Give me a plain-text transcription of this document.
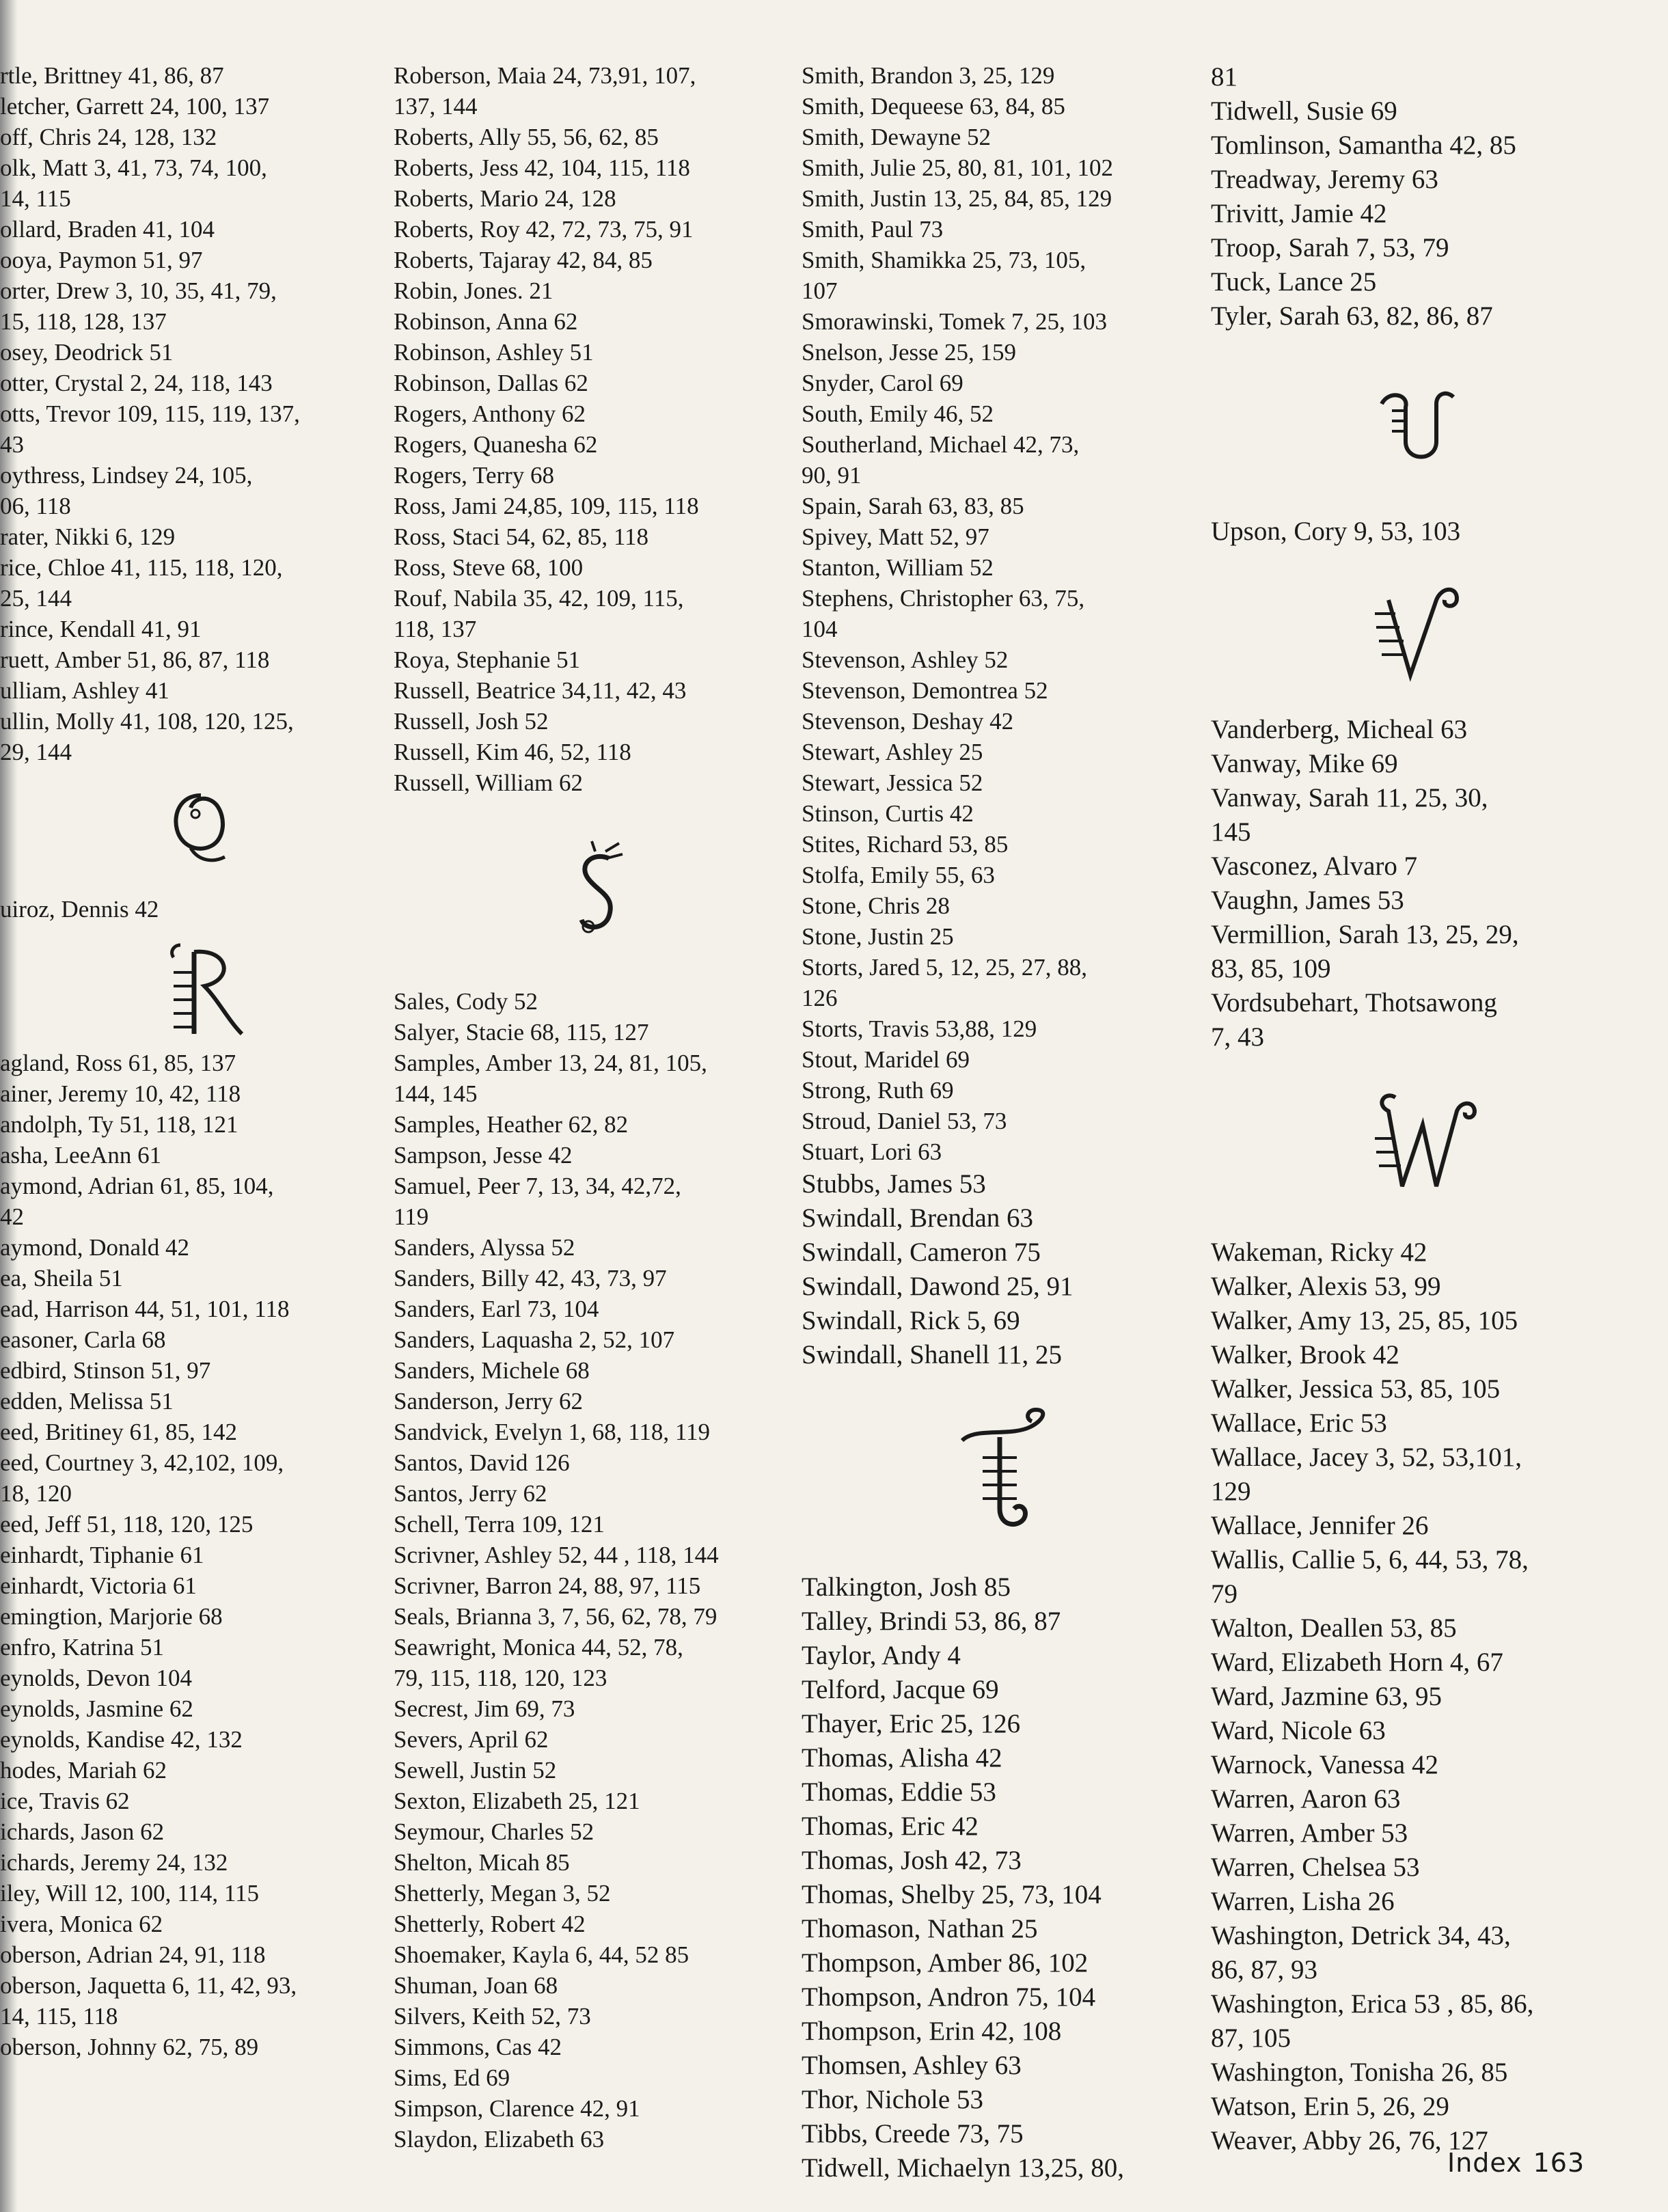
rtle, Brittney 41, 86, 87
letcher, Garrett 24, 100, 137
off, Chris 24, 128, 132
olk, Matt 3, 41, 73, 74, 100,
14, 115
ollard, Braden 41, 104
ooya, Paymon 51, 97
orter, Drew 3, 10, 35, 41, 79,
15, 118, 128, 137
osey, Deodrick 51
otter, Crystal 2, 24, 118, 143
otts, Trevor 109, 115, 119, 137,
43
oythress, Lindsey 24, 105,
06, 118
rater, Nikki 6, 129
rice, Chloe 41, 115, 118, 120,
25, 144
rince, Kendall 41, 91
ruett, Amber 51, 86, 87, 118
ulliam, Ashley 41
ullin, Molly 41, 108, 120, 125,
29, 144
uiroz, Dennis 42
agland, Ross 61, 85, 137
ainer, Jeremy 10, 42, 118
andolph, Ty 51, 118, 121
asha, LeeAnn 61
aymond, Adrian 61, 85, 104,
42
aymond, Donald 42
ea, Sheila 51
ead, Harrison 44, 51, 101, 118
easoner, Carla 68
edbird, Stinson 51, 97
edden, Melissa 51
eed, Britiney 61, 85, 142
eed, Courtney 3, 42,102, 109,
18, 120
eed, Jeff 51, 118, 120, 125
einhardt, Tiphanie 61
einhardt, Victoria 61
emingtion, Marjorie 68
enfro, Katrina 51
eynolds, Devon 104
eynolds, Jasmine 62
eynolds, Kandise 42, 132
hodes, Mariah 62
ice, Travis 62
ichards, Jason 62
ichards, Jeremy 24, 132
iley, Will 12, 100, 114, 115
ivera, Monica 62
oberson, Adrian 24, 91, 118
oberson, Jaquetta 6, 11, 42, 93,
14, 115, 118
oberson, Johnny 62, 75, 89
Roberson, Maia 24, 73,91, 107,
137, 144
Roberts, Ally 55, 56, 62, 85
Roberts, Jess 42, 104, 115, 118
Roberts, Mario 24, 128
Roberts, Roy 42, 72, 73, 75, 91
Roberts, Tajaray 42, 84, 85
Robin, Jones. 21
Robinson, Anna 62
Robinson, Ashley 51
Robinson, Dallas 62
Rogers, Anthony 62
Rogers, Quanesha 62
Rogers, Terry 68
Ross, Jami 24,85, 109, 115, 118
Ross, Staci 54, 62, 85, 118
Ross, Steve 68, 100
Rouf, Nabila 35, 42, 109, 115,
118, 137
Roya, Stephanie 51
Russell, Beatrice 34,11, 42, 43
Russell, Josh 52
Russell, Kim 46, 52, 118
Russell, William 62
Sales, Cody 52
Salyer, Stacie 68, 115, 127
Samples, Amber 13, 24, 81, 105,
144, 145
Samples, Heather 62, 82
Sampson, Jesse 42
Samuel, Peer 7, 13, 34, 42,72,
119
Sanders, Alyssa 52
Sanders, Billy 42, 43, 73, 97
Sanders, Earl 73, 104
Sanders, Laquasha 2, 52, 107
Sanders, Michele 68
Sanderson, Jerry 62
Sandvick, Evelyn 1, 68, 118, 119
Santos, David 126
Santos, Jerry 62
Schell, Terra 109, 121
Scrivner, Ashley 52, 44 , 118, 144
Scrivner, Barron 24, 88, 97, 115
Seals, Brianna 3, 7, 56, 62, 78, 79
Seawright, Monica 44, 52, 78,
79, 115, 118, 120, 123
Secrest, Jim 69, 73
Severs, April 62
Sewell, Justin 52
Sexton, Elizabeth 25, 121
Seymour, Charles 52
Shelton, Micah 85
Shetterly, Megan 3, 52
Shetterly, Robert 42
Shoemaker, Kayla 6, 44, 52 85
Shuman, Joan 68
Silvers, Keith 52, 73
Simmons, Cas 42
Sims, Ed 69
Simpson, Clarence 42, 91
Slaydon, Elizabeth 63
Smith, Brandon 3, 25, 129
Smith, Dequeese 63, 84, 85
Smith, Dewayne 52
Smith, Julie 25, 80, 81, 101, 102
Smith, Justin 13, 25, 84, 85, 129
Smith, Paul 73
Smith, Shamikka 25, 73, 105,
107
Smorawinski, Tomek 7, 25, 103
Snelson, Jesse 25, 159
Snyder, Carol 69
South, Emily 46, 52
Southerland, Michael 42, 73,
90, 91
Spain, Sarah 63, 83, 85
Spivey, Matt 52, 97
Stanton, William 52
Stephens, Christopher 63, 75,
104
Stevenson, Ashley 52
Stevenson, Demontrea 52
Stevenson, Deshay 42
Stewart, Ashley 25
Stewart, Jessica 52
Stinson, Curtis 42
Stites, Richard 53, 85
Stolfa, Emily 55, 63
Stone, Chris 28
Stone, Justin 25
Storts, Jared 5, 12, 25, 27, 88,
126
Storts, Travis 53,88, 129
Stout, Maridel 69
Strong, Ruth 69
Stroud, Daniel 53, 73
Stuart, Lori 63
Stubbs, James 53
Swindall, Brendan 63
Swindall, Cameron 75
Swindall, Dawond 25, 91
Swindall, Rick 5, 69
Swindall, Shanell 11, 25
Talkington, Josh 85
Talley, Brindi 53, 86, 87
Taylor, Andy 4
Telford, Jacque 69
Thayer, Eric 25, 126
Thomas, Alisha 42
Thomas, Eddie 53
Thomas, Eric 42
Thomas, Josh 42, 73
Thomas, Shelby 25, 73, 104
Thomason, Nathan 25
Thompson, Amber 86, 102
Thompson, Andron 75, 104
Thompson, Erin 42, 108
Thomsen, Ashley 63
Thor, Nichole 53
Tibbs, Creede 73, 75
Tidwell, Michaelyn 13,25, 80,
81
Tidwell, Susie 69
Tomlinson, Samantha 42, 85
Treadway, Jeremy 63
Trivitt, Jamie 42
Troop, Sarah 7, 53, 79
Tuck, Lance 25
Tyler, Sarah 63, 82, 86, 87
Upson, Cory 9, 53, 103
Vanderberg, Micheal 63
Vanway, Mike 69
Vanway, Sarah 11, 25, 30,
145
Vasconez, Alvaro 7
Vaughn, James 53
Vermillion, Sarah 13, 25, 29,
83, 85, 109
Vordsubehart, Thotsawong
7, 43
Wakeman, Ricky 42
Walker, Alexis 53, 99
Walker, Amy 13, 25, 85, 105
Walker, Brook 42
Walker, Jessica 53, 85, 105
Wallace, Eric 53
Wallace, Jacey 3, 52, 53,101,
129
Wallace, Jennifer 26
Wallis, Callie 5, 6, 44, 53, 78,
79
Walton, Deallen 53, 85
Ward, Elizabeth Horn 4, 67
Ward, Jazmine 63, 95
Ward, Nicole 63
Warnock, Vanessa 42
Warren, Aaron 63
Warren, Amber 53
Warren, Chelsea 53
Warren, Lisha 26
Washington, Detrick 34, 43,
86, 87, 93
Washington, Erica 53 , 85, 86,
87, 105
Washington, Tonisha 26, 85
Watson, Erin 5, 26, 29
Weaver, Abby 26, 76, 127
Index 163
